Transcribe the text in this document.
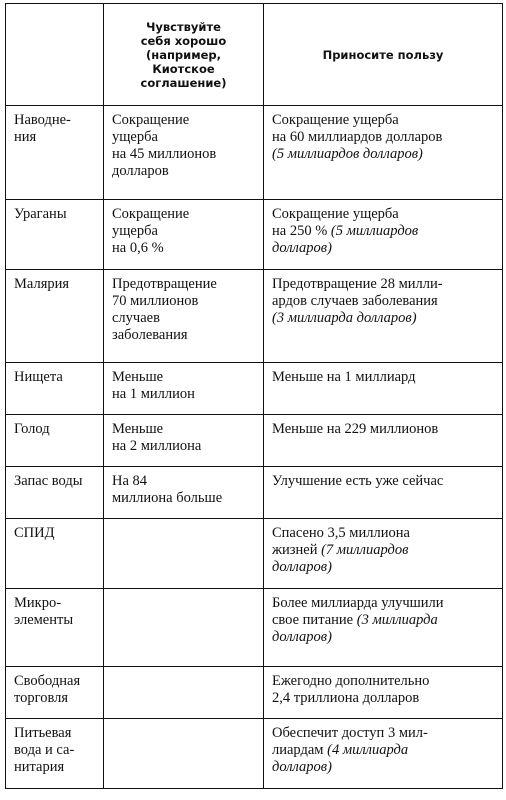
	Чувствуйте
себя хорошо
(например,
Киотское
соглашение)	Приносите пользу
Наводне-
ния	Сокращение
ущерба
на 45 миллионов
долларов	Сокращение ущерба
на 60 миллиардов долларов
(5 миллиардов долларов)
Ураганы	Сокращение
ущерба
на 0,6 %	Сокращение ущерба
на 250 % (5 миллиардов
долларов)
Малярия	Предотвращение
70 миллионов
случаев
заболевания	Предотвращение 28 милли-
ардов случаев заболевания
(3 миллиарда долларов)
Нищета	Меньше
на 1 миллион	Меньше на 1 миллиард
Голод	Меньше
на 2 миллиона	Меньше на 229 миллионов
Запас воды	На 84
миллиона больше	Улучшение есть уже сейчас
СПИД		Спасено 3,5 миллиона
жизней (7 миллиардов
долларов)
Микро-
элементы		Более миллиарда улучшили
свое питание (3 миллиарда
долларов)
Свободная
торговля		Ежегодно дополнительно
2,4 триллиона долларов
Питьевая
вода и са-
нитария		Обеспечит доступ 3 мил-
лиардам (4 миллиарда
долларов)
